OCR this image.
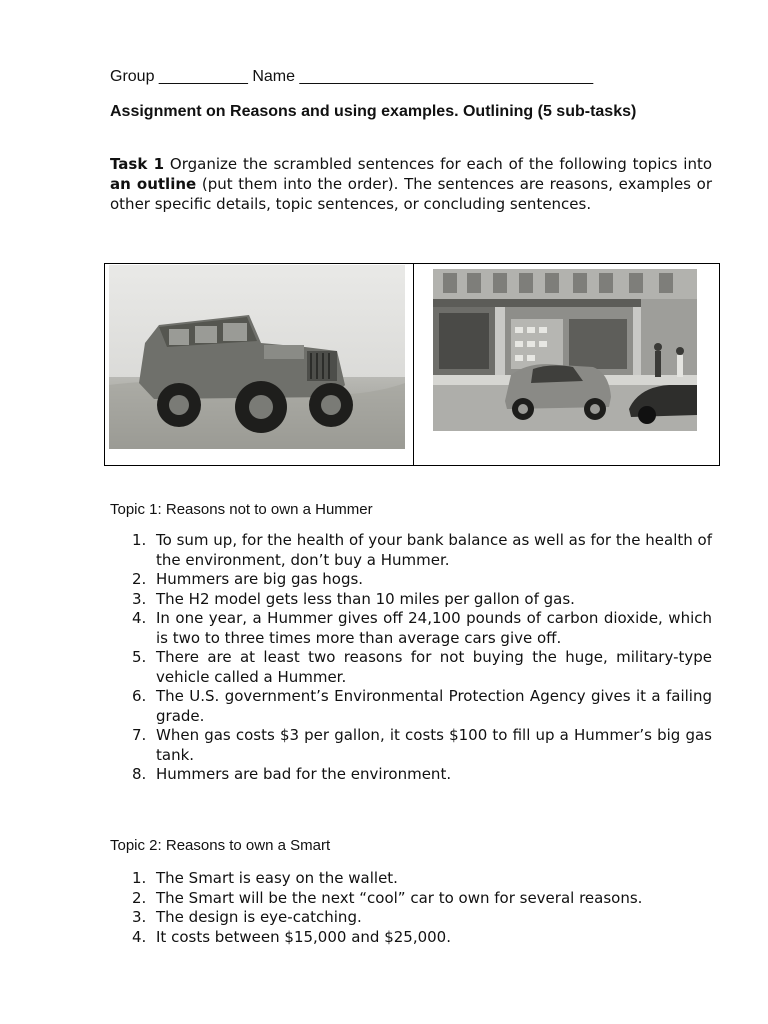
Group __________ Name _________________________________
Assignment on Reasons and using examples. Outlining (5 sub-tasks)
Task 1 Organize the scrambled sentences for each of the following topics into an outline (put them into the order). The sentences are reasons, examples or other specific details, topic sentences, or concluding sentences.
Topic 1: Reasons not to own a Hummer
1. To sum up, for the health of your bank balance as well as for the health of the environment, don’t buy a Hummer.
2. Hummers are big gas hogs.
3. The H2 model gets less than 10 miles per gallon of gas.
4. In one year, a Hummer gives off 24,100 pounds of carbon dioxide, which is two to three times more than average cars give off.
5. There are at least two reasons for not buying the huge, military-type vehicle called a Hummer.
6. The U.S. government’s Environmental Protection Agency gives it a failing grade.
7. When gas costs $3 per gallon, it costs $100 to fill up a Hummer’s big gas tank.
8. Hummers are bad for the environment.
Topic 2: Reasons to own a Smart
1. The Smart is easy on the wallet.
2. The Smart will be the next “cool” car to own for several reasons.
3. The design is eye-catching.
4. It costs between $15,000 and $25,000.
